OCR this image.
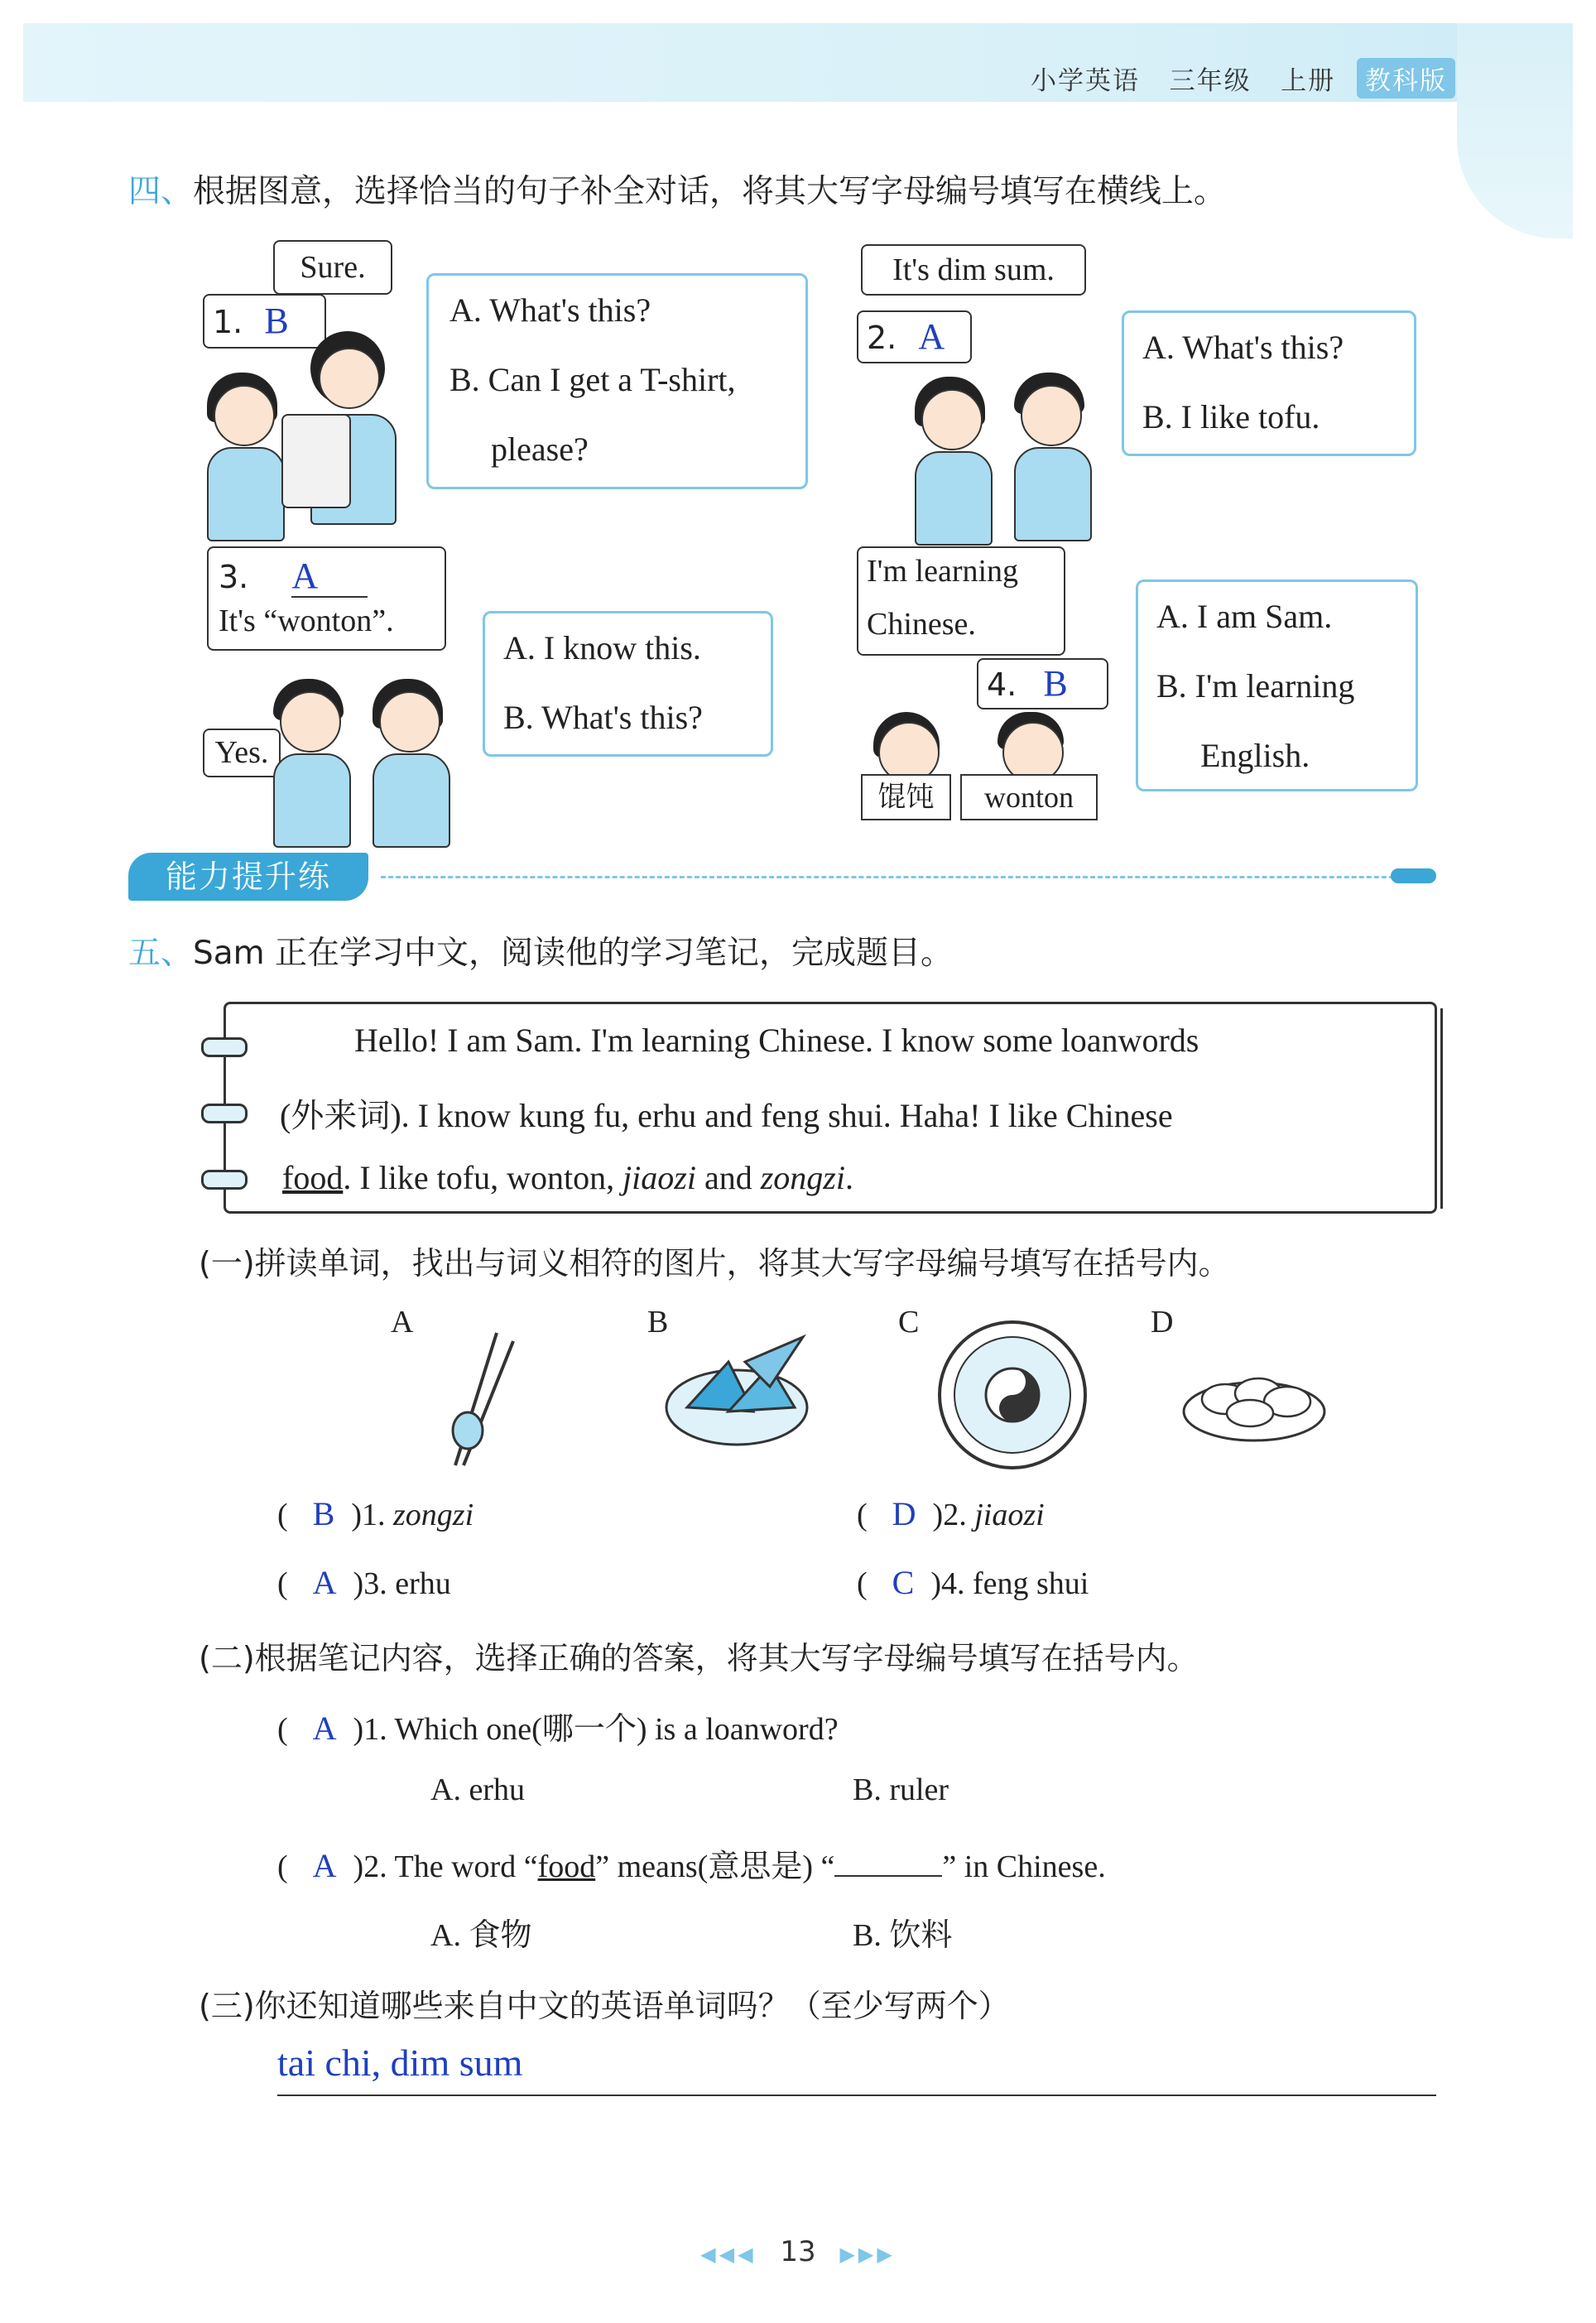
小学英语 三年级 上册 教科版
四、根据图意，选择恰当的句子补全对话，将其大写字母编号填写在横线上。
Sure.
1. B	A. What's this?
B. Can I get a T-shirt,
please?
It's dim sum.
2. A	A. What's this?
B. I like tofu.
3. A
It's “wonton”.
Yes.
A. I know this.
B. What's this?
I'm learning
Chinese.
4. B
馄饨	wonton
A. I am Sam.
B. I'm learning
English.
能力提升练
五、Sam 正在学习中文，阅读他的学习笔记，完成题目。
Hello! I am Sam. I'm learning Chinese. I know some loanwords
(外来词). I know kung fu, erhu and feng shui. Haha! I like Chinese
food. I like tofu, wonton, jiaozi and zongzi.
(一)拼读单词，找出与词义相符的图片，将其大写字母编号填写在括号内。
A	B	C	D
( B )1. zongzi	( D )2. jiaozi
( A )3. erhu	( C )4. feng shui
(二)根据笔记内容，选择正确的答案，将其大写字母编号填写在括号内。
( A )1. Which one(哪一个) is a loanword?
A. erhu	B. ruler
( A )2. The word “food” means(意思是) “	” in Chinese.
A. 食物	B. 饮料
(三)你还知道哪些来自中文的英语单词吗？（至少写两个）
tai chi, dim sum
◀◀◀ 13 ▶▶▶
